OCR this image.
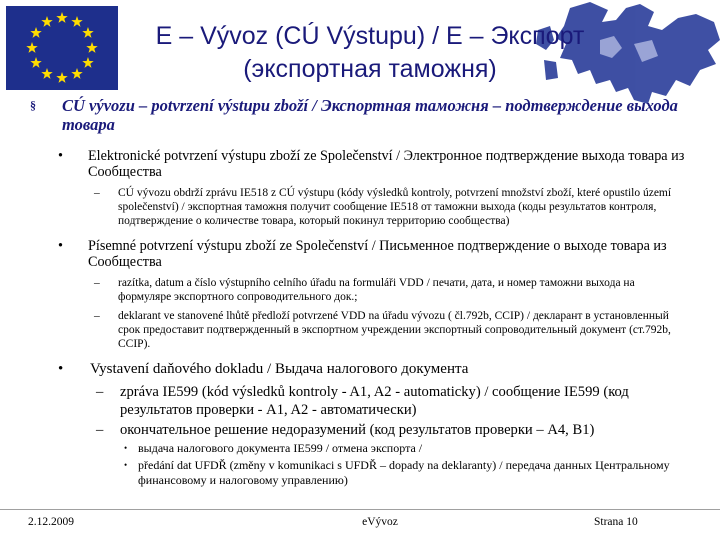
E – Vývoz (CÚ Výstupu) / E – Экспорт (экспортная таможня)
§ CÚ vývozu – potvrzení výstupu zboží / Экспортная таможня – подтверждение выхода товара
• Elektronické potvrzení výstupu zboží ze Společenství / Электронное подтверждение выхода товара из Сообщества
– CÚ vývozu obdrží zprávu IE518 z CÚ výstupu (kódy výsledků kontroly, potvrzení množství zboží, které opustilo území společenství) / экспортная таможня получит сообщение IE518 от таможни выхода (коды результатов контроля, подтверждение о количестве товара, который покинул территорию сообщества)
• Písemné potvrzení výstupu zboží ze Společenství / Письменное подтверждение о выходе товара из Сообщества
– razítka, datum a číslo výstupního celního úřadu na formuláři VDD / печати, дата, и номер таможни выхода на формуляре экспортного сопроводительного док.;
– deklarant ve stanovené lhůtě předloží potvrzené VDD na úřadu vývozu ( čl.792b, CCIP) / декларант в установленный срок предоставит подтвержденный в экспортном учреждении экспортный сопроводительный документ (ст.792b, CCIP).
• Vystavení daňového dokladu / Выдача налогового документа
– zpráva IE599 (kód výsledků kontroly - A1, A2 - automaticky) / сообщение IE599 (код результатов проверки - A1, A2 - автоматически)
– окончательное решение недоразумений (код результатов проверки – A4, B1)
• выдача налогового документа IE599 / отмена экспорта /
• předání dat UFDŘ (změny v komunikaci s UFDŘ – dopady na deklaranty) / передача данных Центральному финансовому и налоговому управлению)
2.12.2009	eVývoz	Strana 10
